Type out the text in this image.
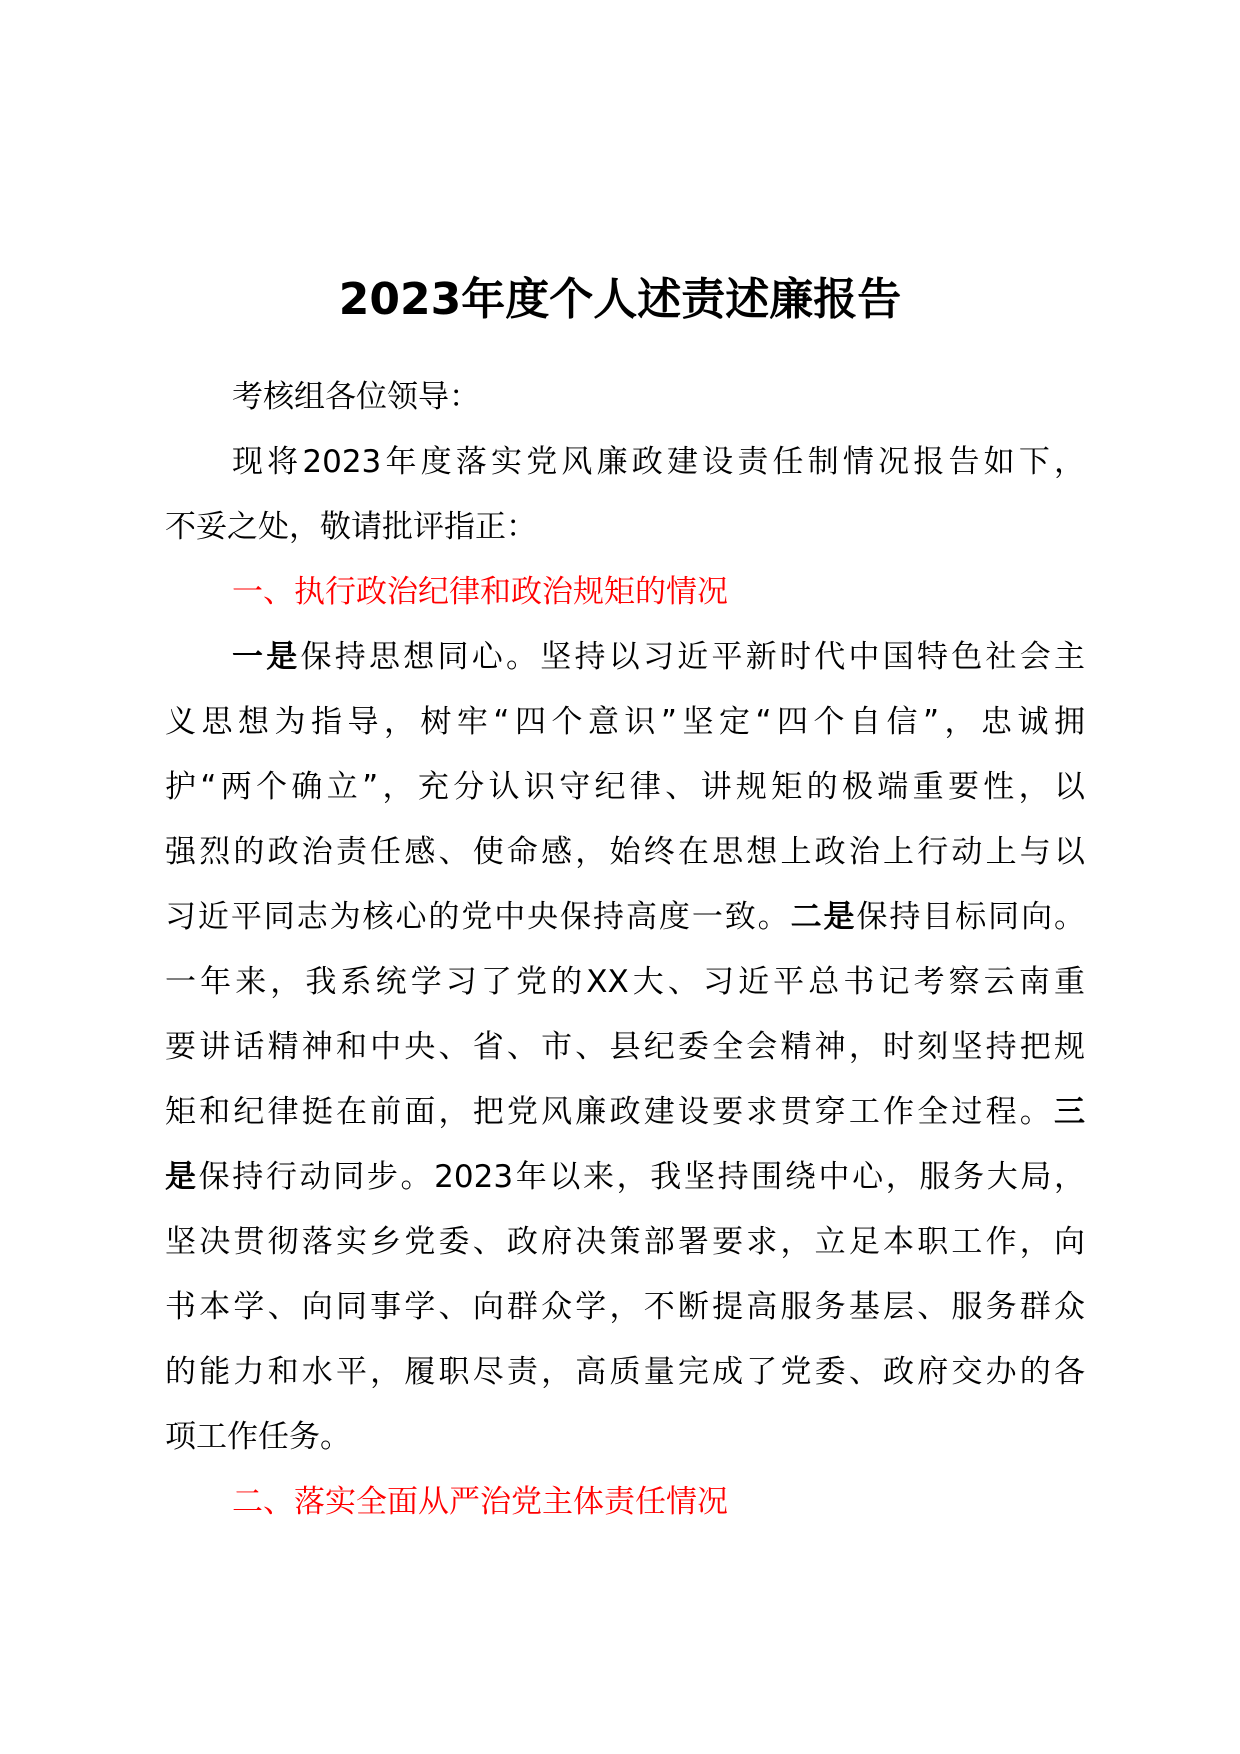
2023年度个人述责述廉报告
考核组各位领导：
现将2023年度落实党风廉政建设责任制情况报告如下，
不妥之处，敬请批评指正：
一、执行政治纪律和政治规矩的情况
一是保持思想同心。坚持以习近平新时代中国特色社会主
义思想为指导，树牢“四个意识”坚定“四个自信”，忠诚拥
护“两个确立”，充分认识守纪律、讲规矩的极端重要性，以
强烈的政治责任感、使命感，始终在思想上政治上行动上与以
习近平同志为核心的党中央保持高度一致。二是保持目标同向。
一年来，我系统学习了党的XX大、习近平总书记考察云南重
要讲话精神和中央、省、市、县纪委全会精神，时刻坚持把规
矩和纪律挺在前面，把党风廉政建设要求贯穿工作全过程。三
是保持行动同步。2023年以来，我坚持围绕中心，服务大局，
坚决贯彻落实乡党委、政府决策部署要求，立足本职工作，向
书本学、向同事学、向群众学，不断提高服务基层、服务群众
的能力和水平，履职尽责，高质量完成了党委、政府交办的各
项工作任务。
二、落实全面从严治党主体责任情况
